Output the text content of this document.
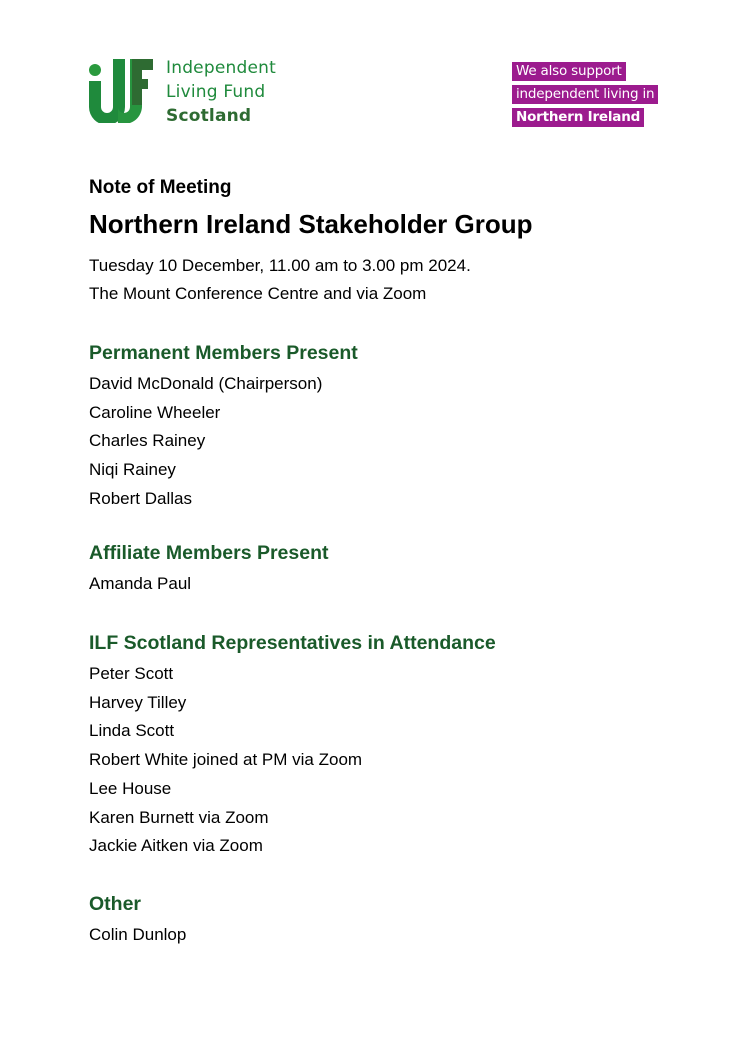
Independent
Living Fund
Scotland
We also support
independent living in
Northern Ireland
Note of Meeting
Northern Ireland Stakeholder Group
Tuesday 10 December, 11.00 am to 3.00 pm 2024.
The Mount Conference Centre and via Zoom
Permanent Members Present
David McDonald (Chairperson)
Caroline Wheeler
Charles Rainey
Niqi Rainey
Robert Dallas
Affiliate Members Present
Amanda Paul
ILF Scotland Representatives in Attendance
Peter Scott
Harvey Tilley
Linda Scott
Robert White joined at PM via Zoom
Lee House
Karen Burnett via Zoom
Jackie Aitken via Zoom
Other
Colin Dunlop
